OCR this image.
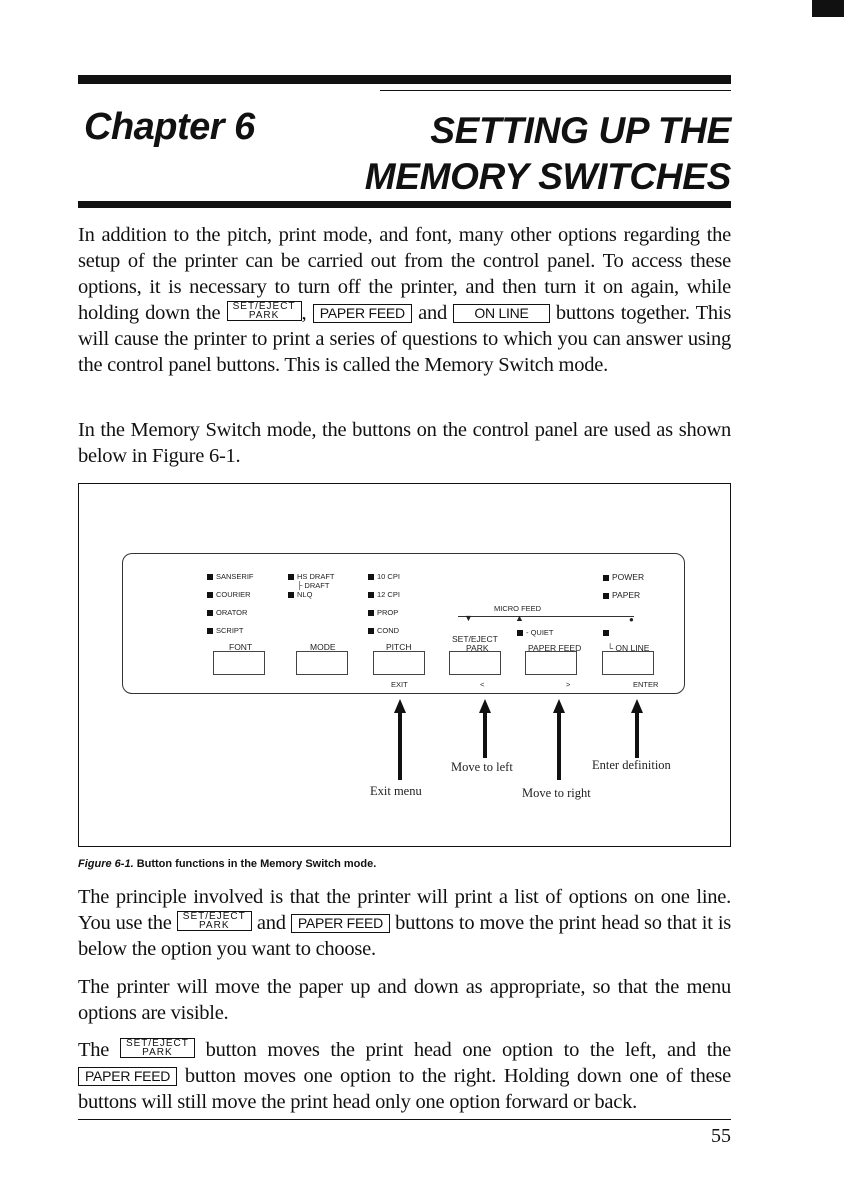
Chapter 6	SETTING UP THE
MEMORY SWITCHES

In addition to the pitch, print mode, and font, many other options regarding the setup of the printer can be carried out from the control panel. To access these options, it is necessary to turn off the printer, and then turn it on again, while holding down the SET/EJECT
PARK	, PAPER FEED and ON LINE buttons together. This will cause the printer to print a series of questions to which you can answer using the control panel buttons. This is called the Memory Switch mode.

In the Memory Switch mode, the buttons on the control panel are used as shown below in Figure 6-1.

SANSERIF
COURIER
ORATOR
SCRIPT
HS DRAFT
├ DRAFT
NLQ
10 CPI
12 CPI
PROP
COND
POWER
PAPER
MICRO FEED
▼	▲	●
- QUIET
FONT	MODE	PITCH
SET/EJECT
PARK	PAPER FEED	└ ON LINE
EXIT	<	>	ENTER
Move to left	Enter definition
Exit menu	Move to right

Figure 6-1. Button functions in the Memory Switch mode.

The principle involved is that the printer will print a list of options on one line. You use the SET/EJECT
PARK	and PAPER FEED buttons to move the print head so that it is below the option you want to choose.

The printer will move the paper up and down as appropriate, so that the menu options are visible.

The SET/EJECT
PARK	button moves the print head one option to the left, and the PAPER FEED button moves one option to the right. Holding down one of these buttons will still move the print head only one option forward or back.

55
